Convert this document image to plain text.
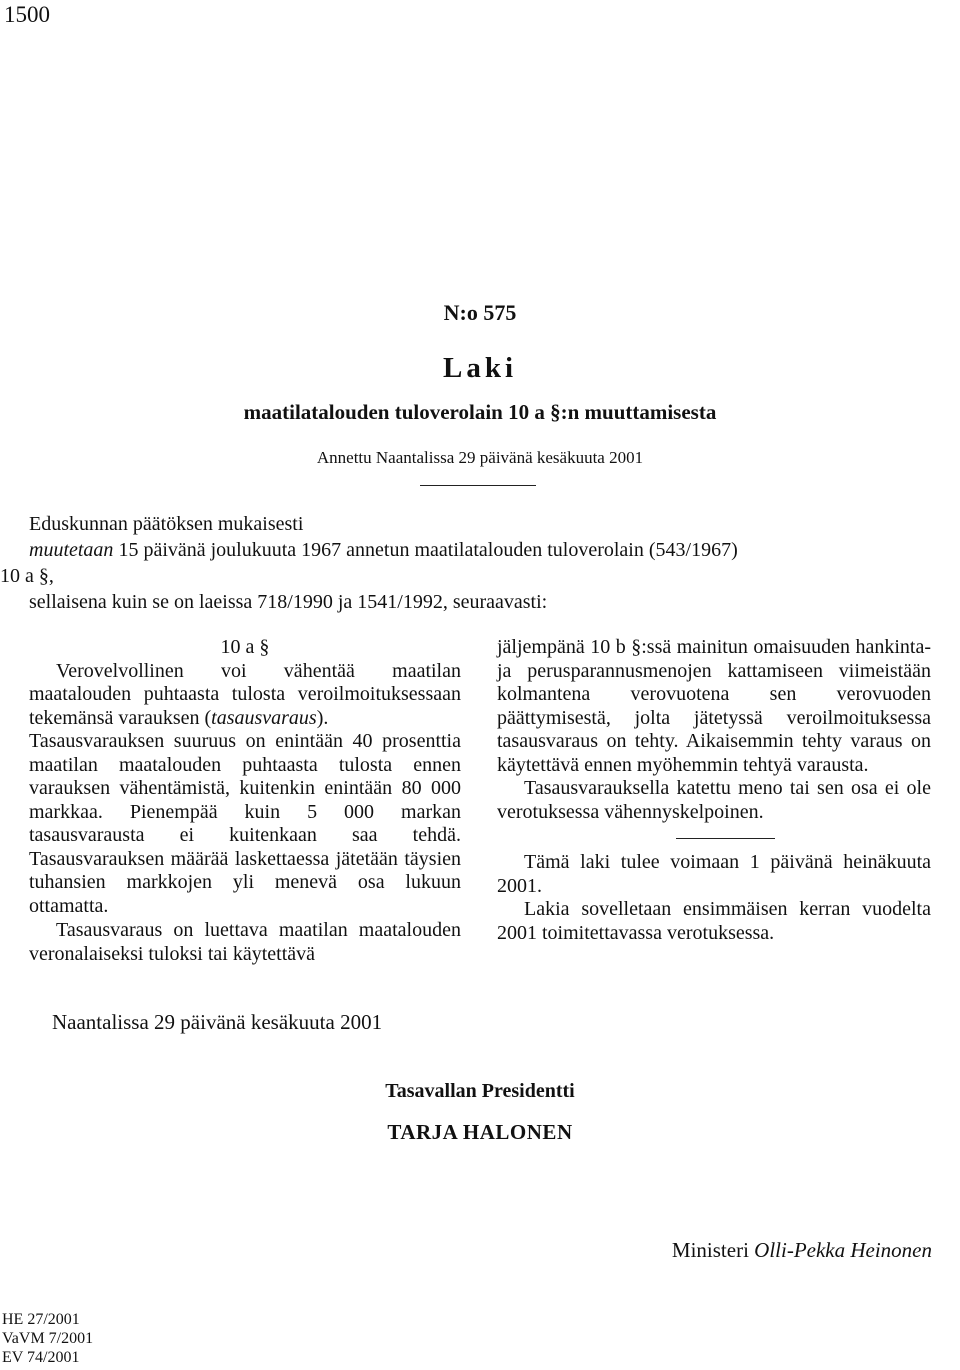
1500
N:o 575
Laki
maatilatalouden tuloverolain 10 a §:n muuttamisesta
Annettu Naantalissa 29 päivänä kesäkuuta 2001
Eduskunnan päätöksen mukaisesti
muutetaan 15 päivänä joulukuuta 1967 annetun maatilatalouden tuloverolain (543/1967)
10 a §,
sellaisena kuin se on laeissa 718/1990 ja 1541/1992, seuraavasti:

10 a §

Verovelvollinen voi vähentää maatilan maatalouden puhtaasta tulosta veroilmoituksessaan tekemänsä varauksen (tasausvaraus).

Tasausvarauksen suuruus on enintään 40 prosenttia maatilan maatalouden puhtaasta tulosta ennen varauksen vähentämistä, kuitenkin enintään 80 000 markkaa. Pienempää kuin 5 000 markan tasausvarausta ei kuitenkaan saa tehdä. Tasausvarauksen määrää laskettaessa jätetään täysien tuhansien markkojen yli menevä osa lukuun ottamatta.

Tasausvaraus on luettava maatilan maatalouden veronalaiseksi tuloksi tai käytettävä

jäljempänä 10 b §:ssä mainitun omaisuuden hankinta- ja perusparannusmenojen kattamiseen viimeistään kolmantena verovuotena sen verovuoden päättymisestä, jolta jätetyssä veroilmoituksessa tasausvaraus on tehty. Aikaisemmin tehty varaus on käytettävä ennen myöhemmin tehtyä varausta.

Tasausvarauksella katettu meno tai sen osa ei ole verotuksessa vähennyskelpoinen.

Tämä laki tulee voimaan 1 päivänä heinäkuuta 2001.

Lakia sovelletaan ensimmäisen kerran vuodelta 2001 toimitettavassa verotuksessa.

Naantalissa 29 päivänä kesäkuuta 2001
Tasavallan Presidentti
TARJA HALONEN
Ministeri Olli-Pekka Heinonen
HE 27/2001
VaVM 7/2001
EV 74/2001
